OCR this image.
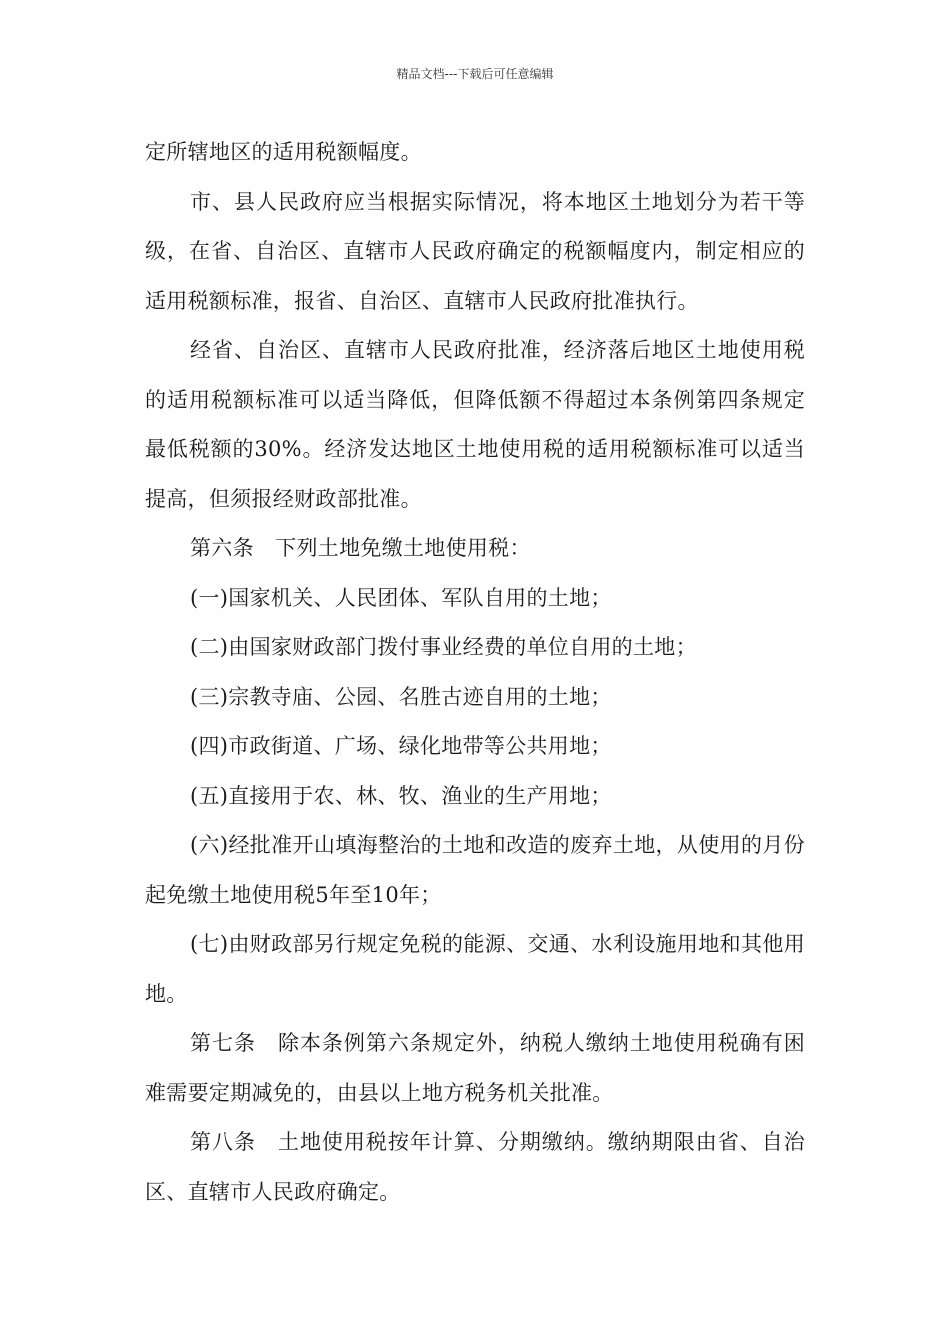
精品文档---下载后可任意编辑

定所辖地区的适用税额幅度。

市、县人民政府应当根据实际情况，将本地区土地划分为若干等级，在省、自治区、直辖市人民政府确定的税额幅度内，制定相应的适用税额标准，报省、自治区、直辖市人民政府批准执行。

经省、自治区、直辖市人民政府批准，经济落后地区土地使用税的适用税额标准可以适当降低，但降低额不得超过本条例第四条规定最低税额的30%。经济发达地区土地使用税的适用税额标准可以适当提高，但须报经财政部批准。

第六条　下列土地免缴土地使用税：

(一)国家机关、人民团体、军队自用的土地；

(二)由国家财政部门拨付事业经费的单位自用的土地；

(三)宗教寺庙、公园、名胜古迹自用的土地；

(四)市政街道、广场、绿化地带等公共用地；

(五)直接用于农、林、牧、渔业的生产用地；

(六)经批准开山填海整治的土地和改造的废弃土地，从使用的月份起免缴土地使用税5年至10年；

(七)由财政部另行规定免税的能源、交通、水利设施用地和其他用地。

第七条　除本条例第六条规定外，纳税人缴纳土地使用税确有困难需要定期减免的，由县以上地方税务机关批准。

第八条　土地使用税按年计算、分期缴纳。缴纳期限由省、自治区、直辖市人民政府确定。
